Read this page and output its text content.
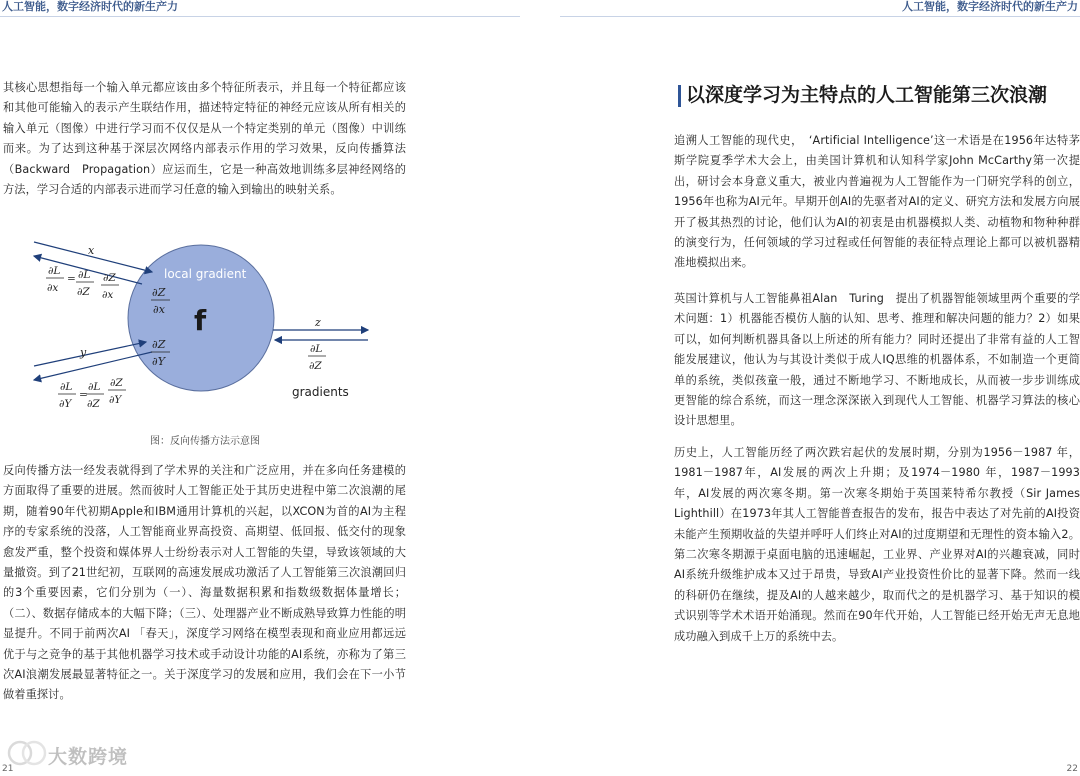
人工智能，数字经济时代的新生产力

其核心思想指每一个输入单元都应该由多个特征所表示，并且每一个特征都应该和其他可能输入的表示产生联结作用，描述特定特征的神经元应该从所有相关的输入单元（图像）中进行学习而不仅仅是从一个特定类别的单元（图像）中训练而来。为了达到这种基于深层次网络内部表示作用的学习效果，反向传播算法（Backward　Propagation）应运而生，它是一种高效地训练多层神经网络的方法，学习合适的内部表示进而学习任意的输入到输出的映射关系。

local gradient
f
∂Z
∂x
∂Z
∂Y
x
y
z
∂L
∂x
= ∂L
∂Z
∂Z
∂x
∂L
∂Y
=
∂L
∂Z
∂Z
∂Y
∂L
∂Z
gradients
图：反向传播方法示意图

反向传播方法一经发表就得到了学术界的关注和广泛应用，并在多向任务建模的方面取得了重要的进展。然而彼时人工智能正处于其历史进程中第二次浪潮的尾期，随着90年代初期Apple和IBM通用计算机的兴起，以XCON为首的AI为主程序的专家系统的没落，人工智能商业界高投资、高期望、低回报、低交付的现象愈发严重，整个投资和媒体界人士纷纷表示对人工智能的失望，导致该领域的大量撤资。到了21世纪初，互联网的高速发展成功激活了人工智能第三次浪潮回归的3个重要因素，它们分别为（一）、海量数据积累和指数级数据体量增长；（二）、数据存储成本的大幅下降；（三）、处理器产业不断成熟导致算力性能的明显提升。不同于前两次AI 「春天」，深度学习网络在模型表现和商业应用都远远优于与之竞争的基于其他机器学习技术或手动设计功能的AI系统，亦称为了第三次AI浪潮发展最显著特征之一。关于深度学习的发展和应用，我们会在下一小节做着重探讨。

21
人工智能，数字经济时代的新生产力
以深度学习为主特点的人工智能第三次浪潮

追溯人工智能的现代史，　‘Artificial Intelligence’这一术语是在1956年达特茅斯学院夏季学术大会上，由美国计算机和认知科学家John McCarthy第一次提出，研讨会本身意义重大，被业内普遍视为人工智能作为一门研究学科的创立，1956年也称为AI元年。早期开创AI的先驱者对AI的定义、研究方法和发展方向展开了极其热烈的讨论，他们认为AI的初衷是由机器模拟人类、动植物和物种种群的演变行为，任何领域的学习过程或任何智能的表征特点理论上都可以被机器精准地模拟出来。

英国计算机与人工智能鼻祖Alan　Turing　提出了机器智能领域里两个重要的学术问题：1）机器能否模仿人脑的认知、思考、推理和解决问题的能力？2）如果可以，如何判断机器具备以上所述的所有能力？同时还提出了非常有益的人工智能发展建议，他认为与其设计类似于成人IQ思维的机器体系，不如制造一个更简单的系统，类似孩童一般，通过不断地学习、不断地成长，从而被一步步训练成更智能的综合系统，而这一理念深深嵌入到现代人工智能、机器学习算法的核心设计思想里。

历史上，人工智能历经了两次跌宕起伏的发展时期，分别为1956－1987 年，1981－1987年，AI发展的两次上升期；及1974－1980 年，1987－1993 年，AI发展的两次寒冬期。第一次寒冬期始于英国莱特希尔教授（Sir James Lighthill）在1973年其人工智能普查报告的发布，报告中表达了对先前的AI投资未能产生预期收益的失望并呼吁人们终止对AI的过度期望和无理性的资本输入2。第二次寒冬期源于桌面电脑的迅速崛起，工业界、产业界对AI的兴趣衰减，同时AI系统升级维护成本又过于昂贵，导致AI产业投资性价比的显著下降。然而一线的科研仍在继续，提及AI的人越来越少，取而代之的是机器学习、基于知识的模式识别等学术术语开始涌现。然而在90年代开始，人工智能已经开始无声无息地成功融入到成千上万的系统中去。

22
大数跨境
